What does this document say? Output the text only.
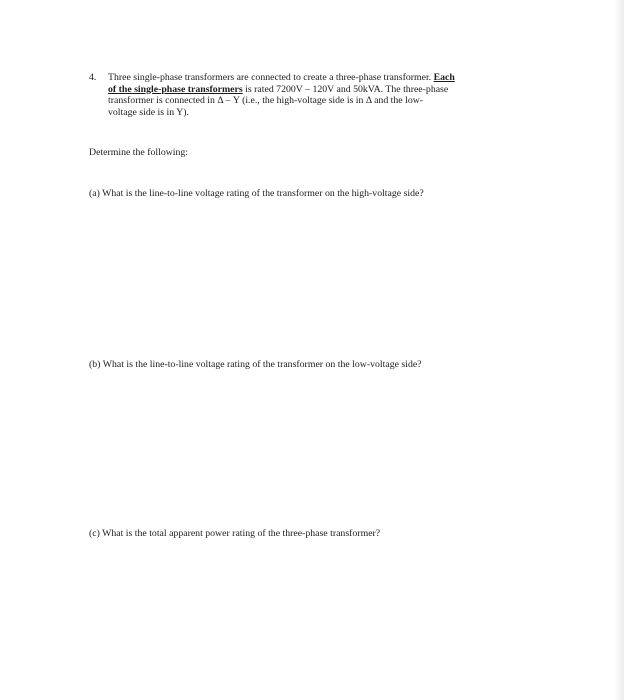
4. Three single-phase transformers are connected to create a three-phase transformer. Each
of the single-phase transformers is rated 7200V – 120V and 50kVA. The three-phase
transformer is connected in Δ – Y (i.e., the high-voltage side is in Δ and the low-
voltage side is in Y).
Determine the following:
(a) What is the line-to-line voltage rating of the transformer on the high-voltage side?
(b) What is the line-to-line voltage rating of the transformer on the low-voltage side?
(c) What is the total apparent power rating of the three-phase transformer?
